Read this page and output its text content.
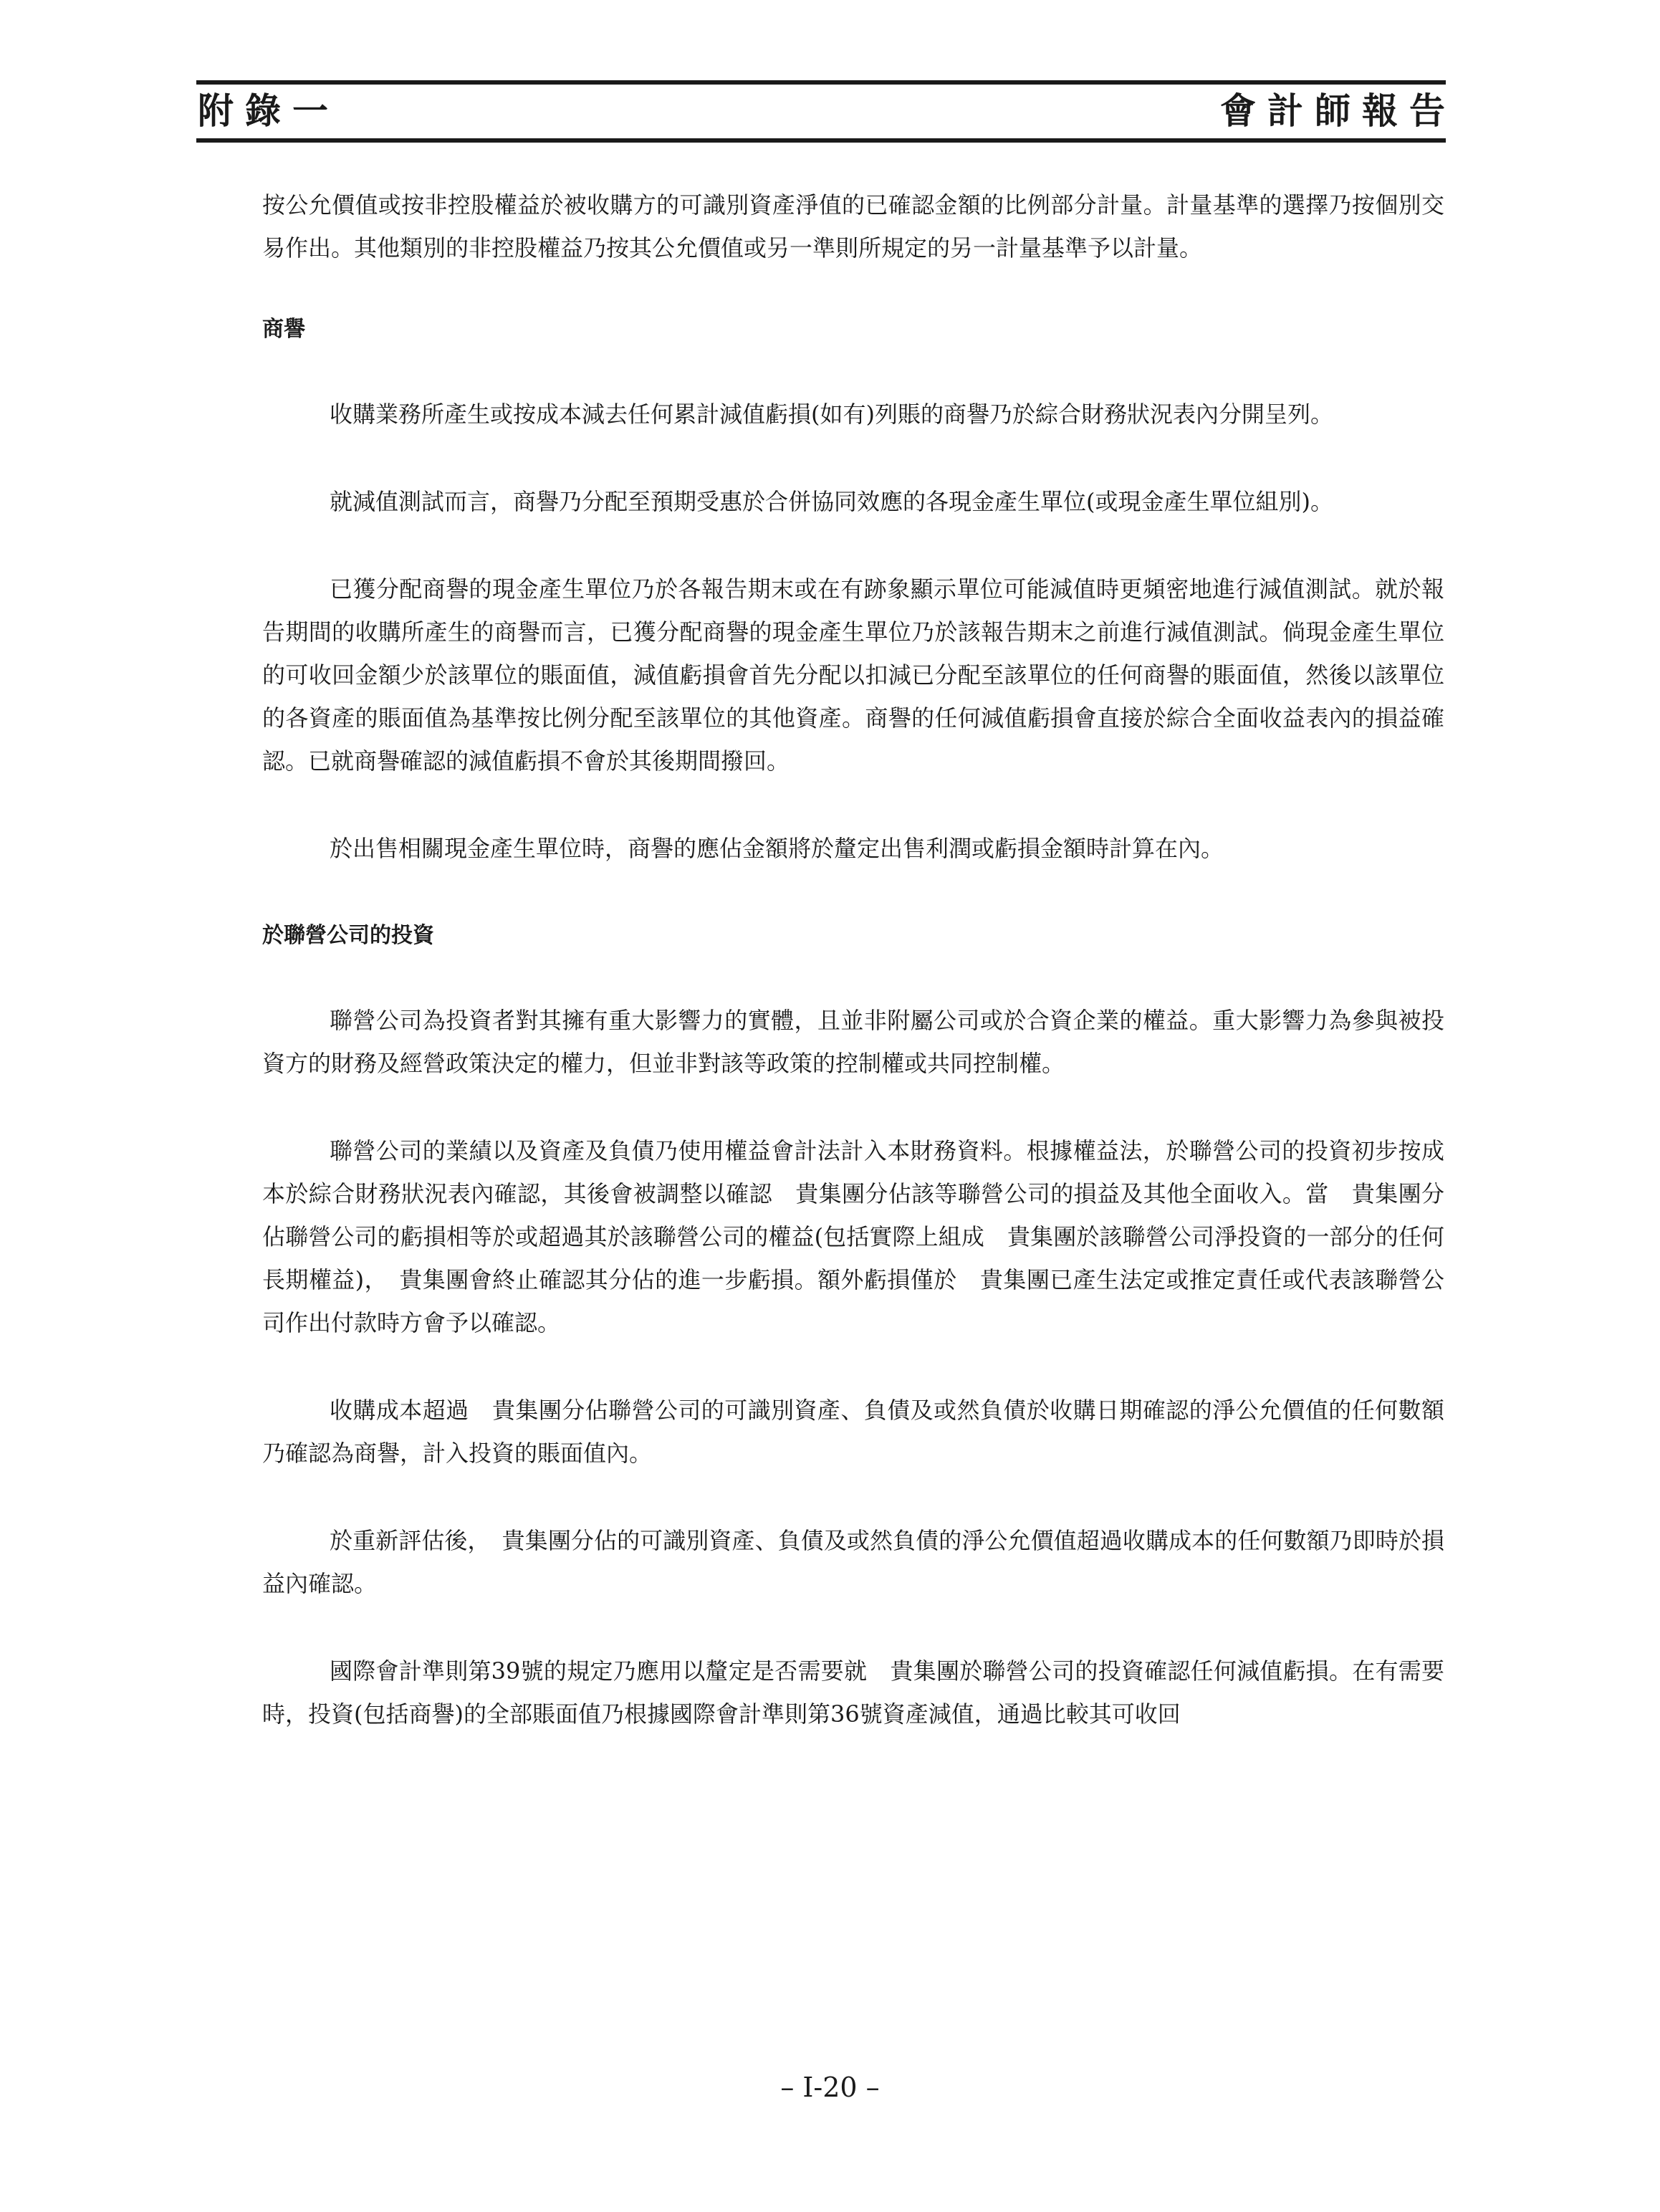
附錄一	會計師報告

按公允價值或按非控股權益於被收購方的可識別資產淨值的已確認金額的比例部分計量。計量基準的選擇乃按個別交易作出。其他類別的非控股權益乃按其公允價值或另一準則所規定的另一計量基準予以計量。

商譽

收購業務所產生或按成本減去任何累計減值虧損(如有)列賬的商譽乃於綜合財務狀況表內分開呈列。

就減值測試而言，商譽乃分配至預期受惠於合併協同效應的各現金產生單位(或現金產生單位組別)。

已獲分配商譽的現金產生單位乃於各報告期末或在有跡象顯示單位可能減值時更頻密地進行減值測試。就於報告期間的收購所產生的商譽而言，已獲分配商譽的現金產生單位乃於該報告期末之前進行減值測試。倘現金產生單位的可收回金額少於該單位的賬面值，減值虧損會首先分配以扣減已分配至該單位的任何商譽的賬面值，然後以該單位的各資產的賬面值為基準按比例分配至該單位的其他資產。商譽的任何減值虧損會直接於綜合全面收益表內的損益確認。已就商譽確認的減值虧損不會於其後期間撥回。

於出售相關現金產生單位時，商譽的應佔金額將於釐定出售利潤或虧損金額時計算在內。

於聯營公司的投資

聯營公司為投資者對其擁有重大影響力的實體，且並非附屬公司或於合資企業的權益。重大影響力為參與被投資方的財務及經營政策決定的權力，但並非對該等政策的控制權或共同控制權。

聯營公司的業績以及資產及負債乃使用權益會計法計入本財務資料。根據權益法，於聯營公司的投資初步按成本於綜合財務狀況表內確認，其後會被調整以確認　貴集團分佔該等聯營公司的損益及其他全面收入。當　貴集團分佔聯營公司的虧損相等於或超過其於該聯營公司的權益(包括實際上組成　貴集團於該聯營公司淨投資的一部分的任何長期權益)，　貴集團會終止確認其分佔的進一步虧損。額外虧損僅於　貴集團已產生法定或推定責任或代表該聯營公司作出付款時方會予以確認。

收購成本超過　貴集團分佔聯營公司的可識別資產、負債及或然負債於收購日期確認的淨公允價值的任何數額乃確認為商譽，計入投資的賬面值內。

於重新評估後，　貴集團分佔的可識別資產、負債及或然負債的淨公允價值超過收購成本的任何數額乃即時於損益內確認。

國際會計準則第39號的規定乃應用以釐定是否需要就　貴集團於聯營公司的投資確認任何減值虧損。在有需要時，投資(包括商譽)的全部賬面值乃根據國際會計準則第36號資產減值，通過比較其可收回

– I-20 –
